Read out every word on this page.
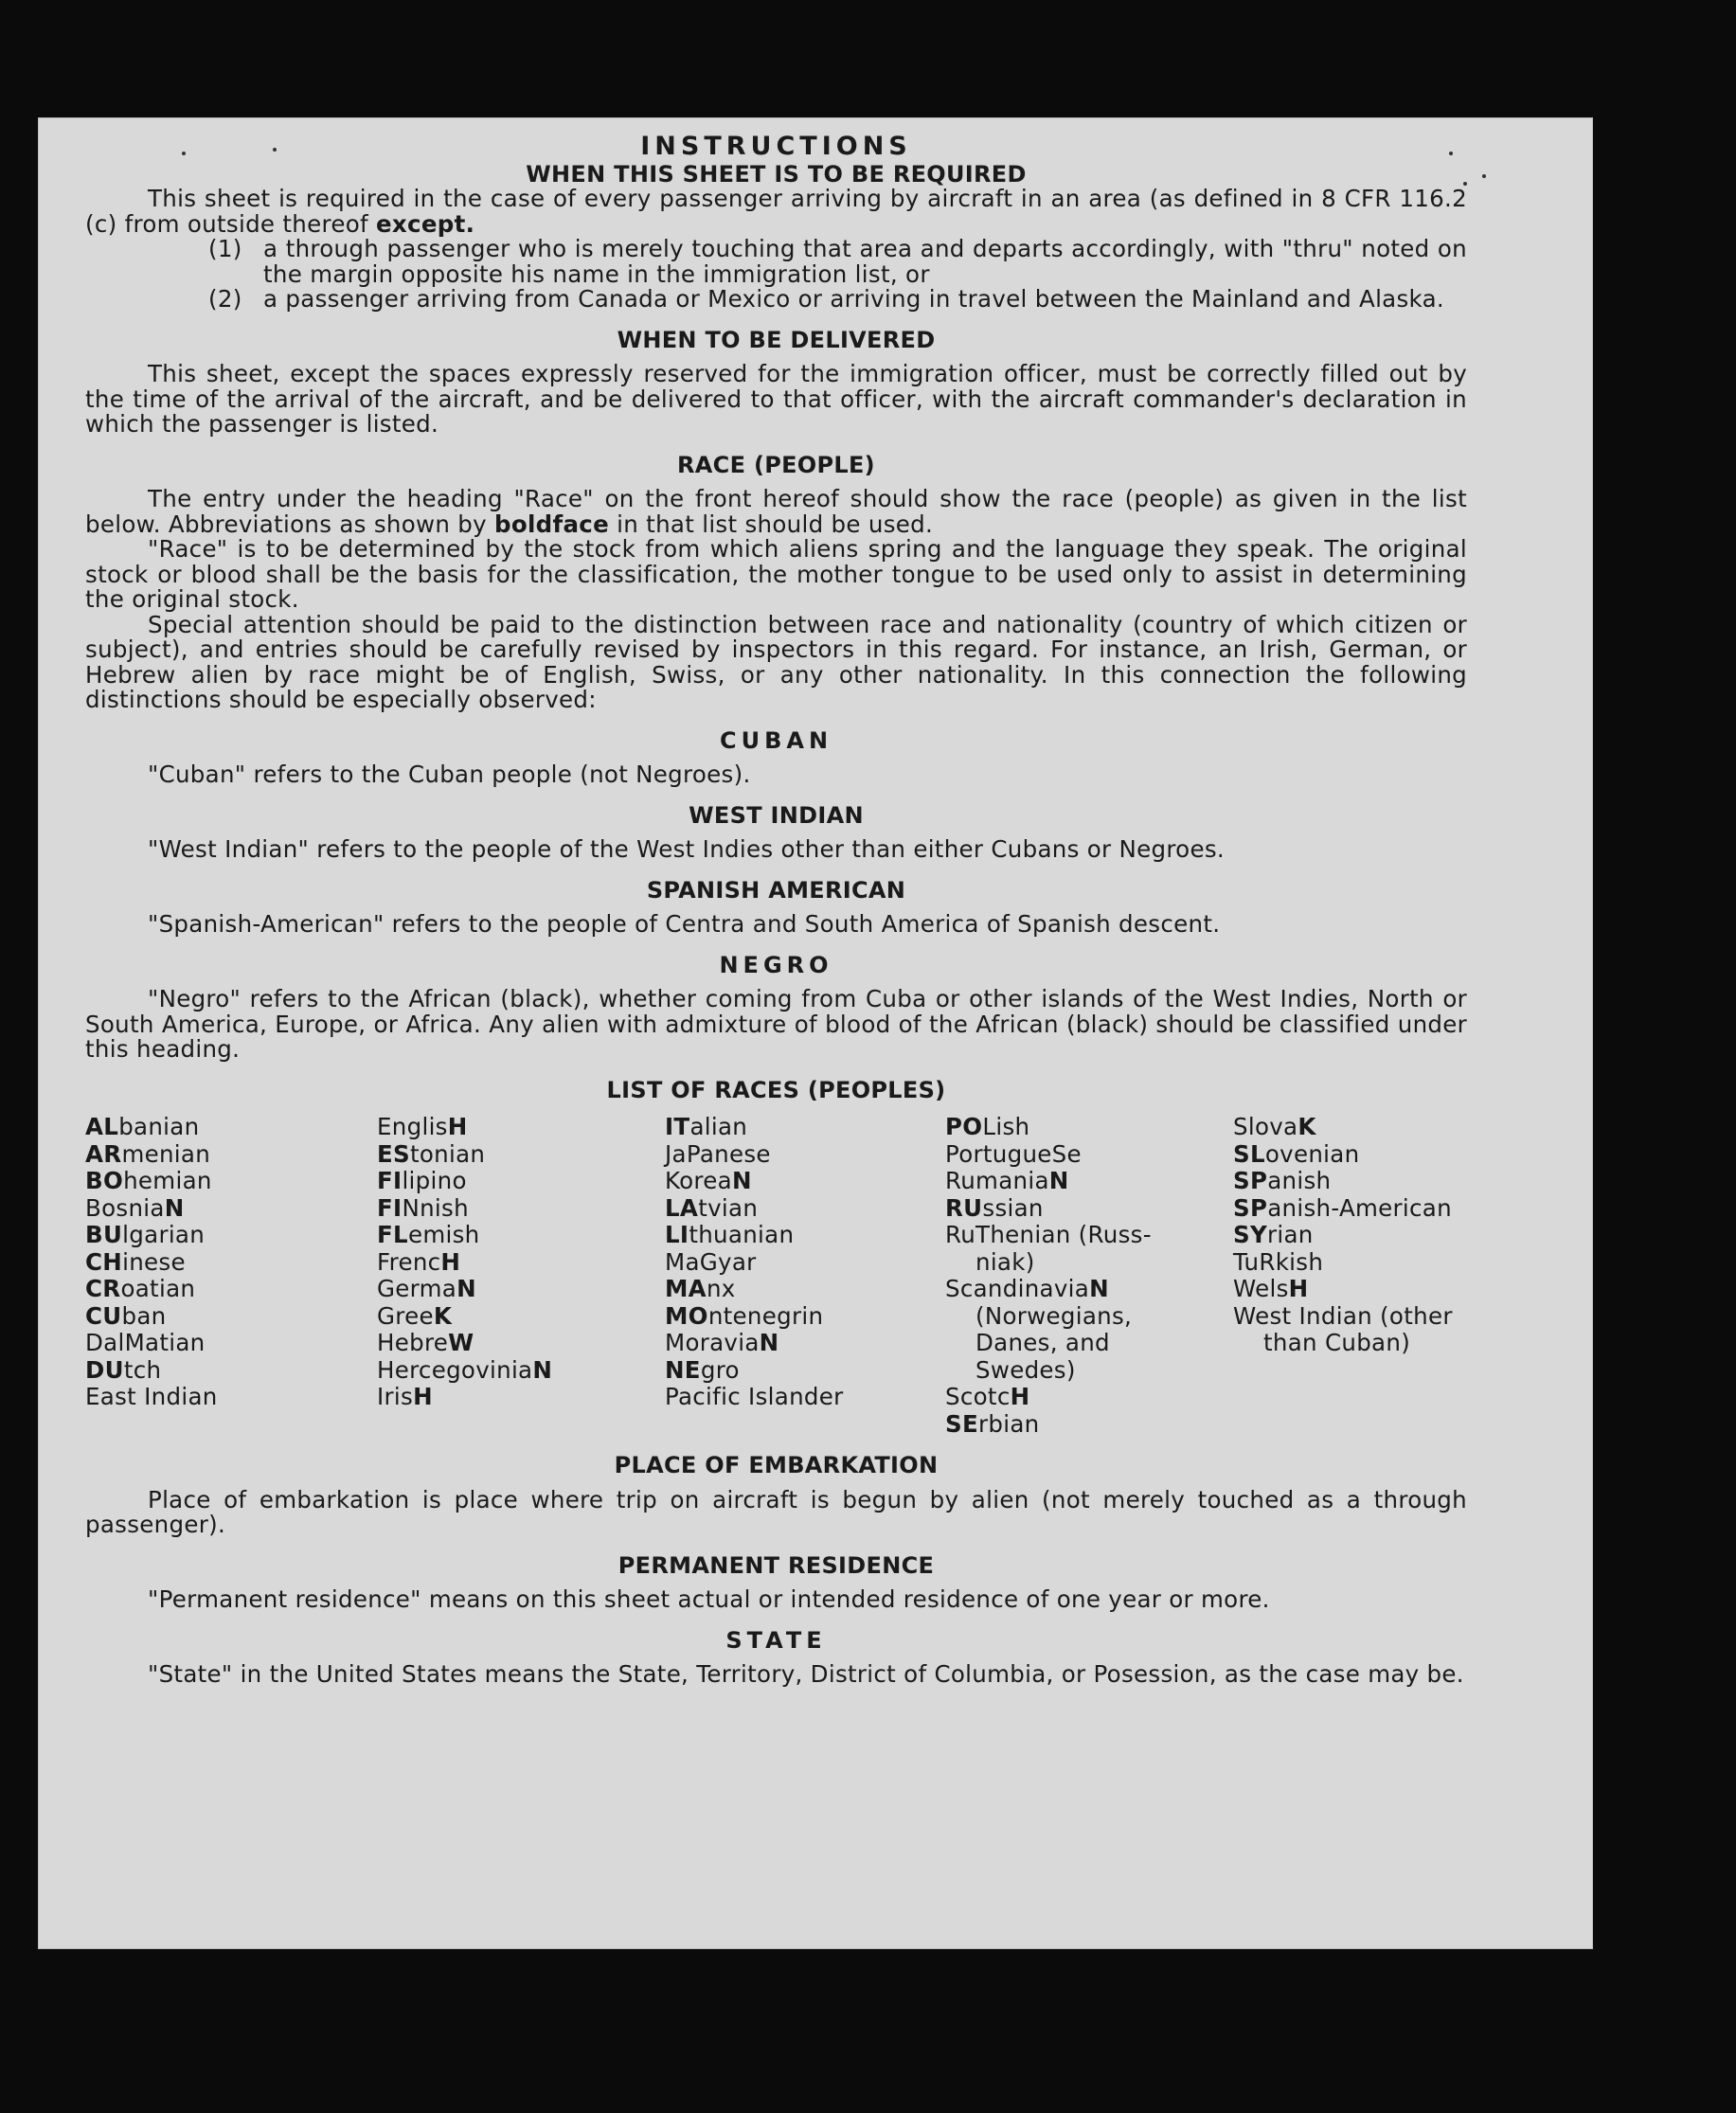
INSTRUCTIONS
WHEN THIS SHEET IS TO BE REQUIRED

This sheet is required in the case of every passenger arriving by aircraft in an area (as defined in 8 CFR 116.2 (c) from outside thereof except.

(1) a through passenger who is merely touching that area and departs accordingly, with "thru" noted on the margin opposite his name in the immigration list, or
(2) a passenger arriving from Canada or Mexico or arriving in travel between the Mainland and Alaska.
WHEN TO BE DELIVERED

This sheet, except the spaces expressly reserved for the immigration officer, must be correctly filled out by the time of the arrival of the aircraft, and be delivered to that officer, with the aircraft commander's declaration in which the passenger is listed.

RACE (PEOPLE)

The entry under the heading "Race" on the front hereof should show the race (people) as given in the list below. Abbreviations as shown by boldface in that list should be used.

"Race" is to be determined by the stock from which aliens spring and the language they speak. The original stock or blood shall be the basis for the classification, the mother tongue to be used only to assist in determining the original stock.

Special attention should be paid to the distinction between race and nationality (country of which citizen or subject), and entries should be carefully revised by inspectors in this regard. For instance, an Irish, German, or Hebrew alien by race might be of English, Swiss, or any other nationality. In this connection the following distinctions should be especially observed:

CUBAN

"Cuban" refers to the Cuban people (not Negroes).

WEST INDIAN

"West Indian" refers to the people of the West Indies other than either Cubans or Negroes.

SPANISH AMERICAN

"Spanish-American" refers to the people of Centra and South America of Spanish descent.

NEGRO

"Negro" refers to the African (black), whether coming from Cuba or other islands of the West Indies, North or South America, Europe, or Africa. Any alien with admixture of blood of the African (black) should be classified under this heading.

LIST OF RACES (PEOPLES)
ALbanian
ARmenian
BOhemian
BosniaN
BUlgarian
CHinese
CRoatian
CUban
DalMatian
DUtch
East Indian
EnglisH
EStonian
FIlipino
FINnish
FLemish
FrencH
GermaN
GreeK
HebreW
HercegoviniaN
IrisH
ITalian
JaPanese
KoreaN
LAtvian
LIthuanian
MaGyar
MAnx
MOntenegrin
MoraviaN
NEgro
Pacific Islander
POLish
PortugueSe
RumaniaN
RUssian
RuThenian (Russ-
niak)
ScandinaviaN
(Norwegians,
Danes, and
Swedes)
ScotcH
SErbian
SlovaK
SLovenian
SPanish
SPanish-American
SYrian
TuRkish
WelsH
West Indian (other
than Cuban)
PLACE OF EMBARKATION

Place of embarkation is place where trip on aircraft is begun by alien (not merely touched as a through passenger).

PERMANENT RESIDENCE

"Permanent residence" means on this sheet actual or intended residence of one year or more.

STATE

"State" in the United States means the State, Territory, District of Columbia, or Posession, as the case may be.
